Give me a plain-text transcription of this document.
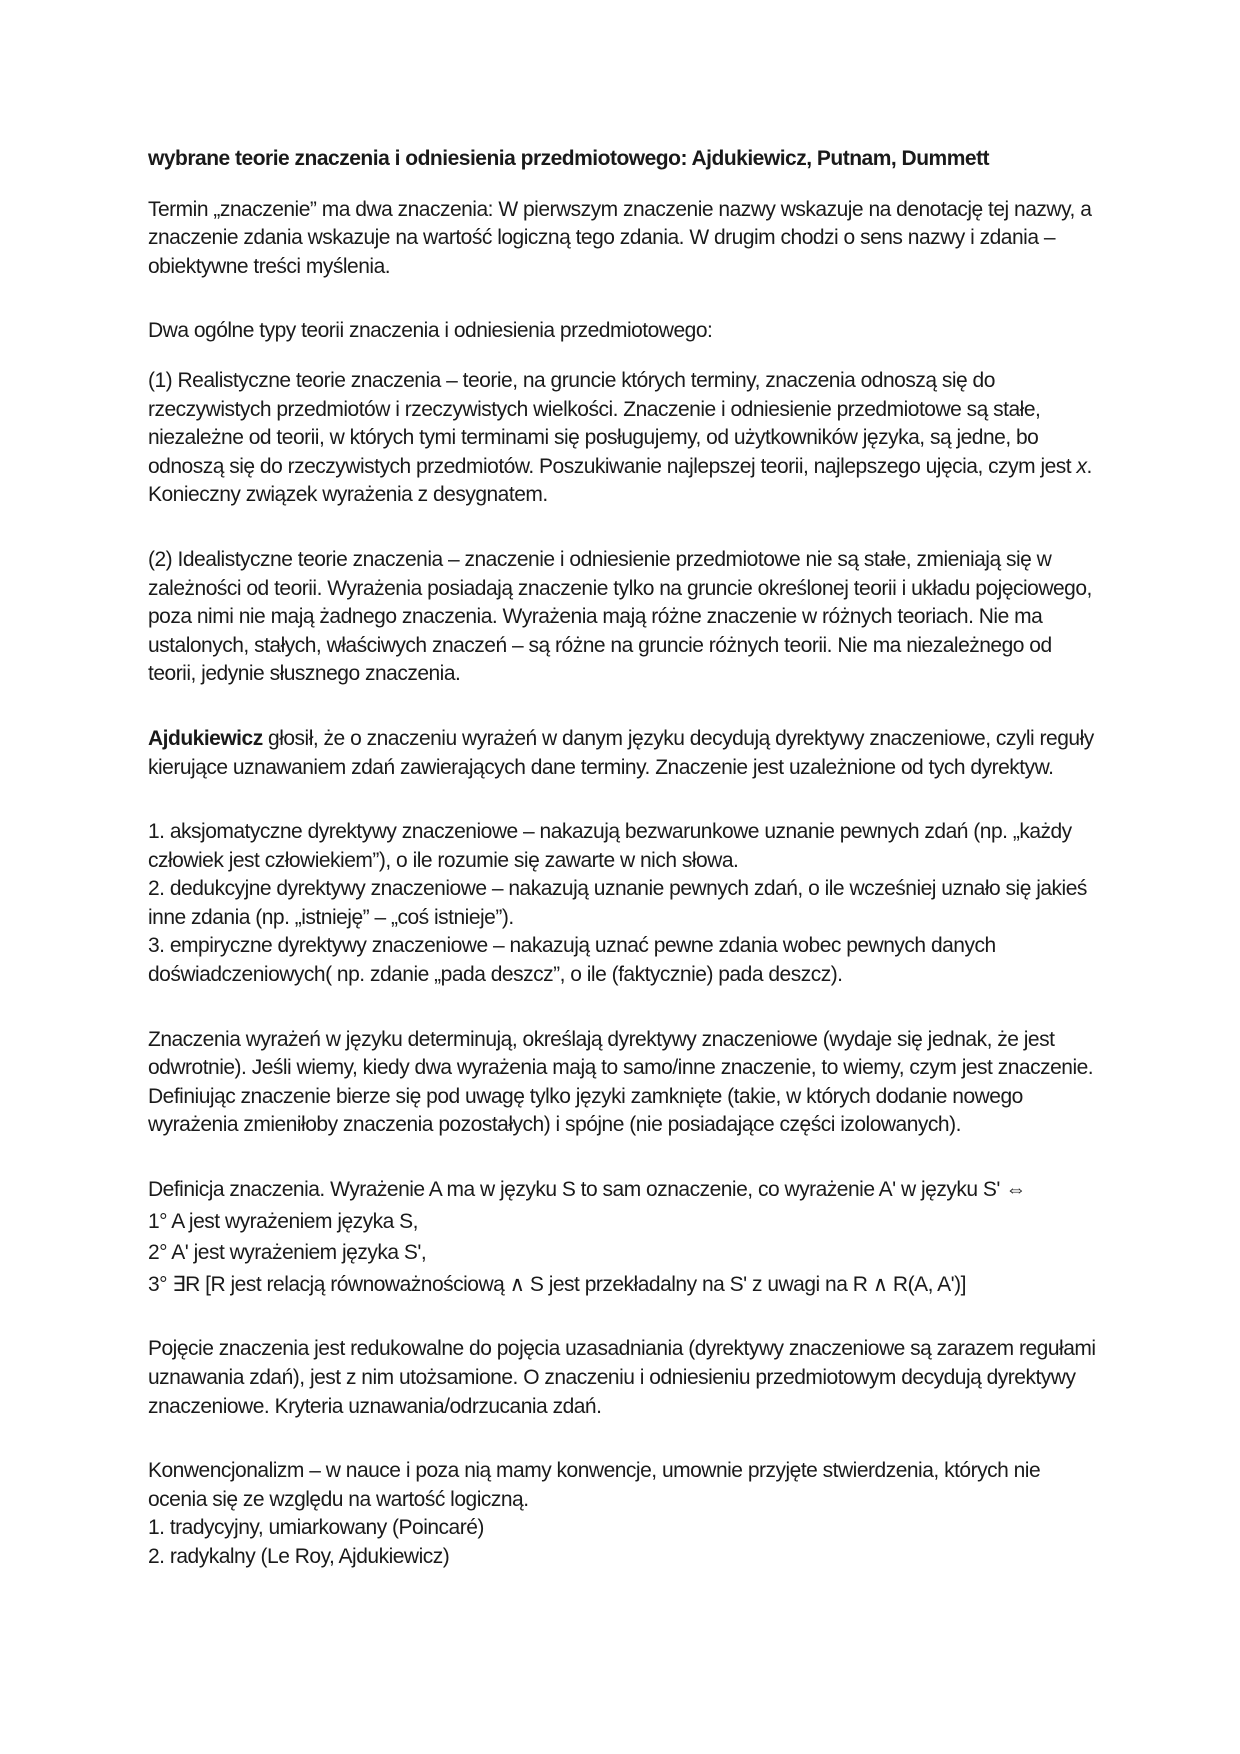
wybrane teorie znaczenia i odniesienia przedmiotowego: Ajdukiewicz, Putnam, Dummett

Termin „znaczenie” ma dwa znaczenia: W pierwszym znaczenie nazwy wskazuje na denotację tej nazwy, a znaczenie zdania wskazuje na wartość logiczną tego zdania. W drugim chodzi o sens nazwy i zdania – obiektywne treści myślenia.

Dwa ogólne typy teorii znaczenia i odniesienia przedmiotowego:

(1) Realistyczne teorie znaczenia – teorie, na gruncie których terminy, znaczenia odnoszą się do rzeczywistych przedmiotów i rzeczywistych wielkości. Znaczenie i odniesienie przedmiotowe są stałe, niezależne od teorii, w których tymi terminami się posługujemy, od użytkowników języka, są jedne, bo odnoszą się do rzeczywistych przedmiotów. Poszukiwanie najlepszej teorii, najlepszego ujęcia, czym jest x. Konieczny związek wyrażenia z desygnatem.

(2) Idealistyczne teorie znaczenia – znaczenie i odniesienie przedmiotowe nie są stałe, zmieniają się w zależności od teorii. Wyrażenia posiadają znaczenie tylko na gruncie określonej teorii i układu pojęciowego, poza nimi nie mają żadnego znaczenia. Wyrażenia mają różne znaczenie w różnych teoriach. Nie ma ustalonych, stałych, właściwych znaczeń – są różne na gruncie różnych teorii. Nie ma niezależnego od teorii, jedynie słusznego znaczenia.

Ajdukiewicz głosił, że o znaczeniu wyrażeń w danym języku decydują dyrektywy znaczeniowe, czyli reguły kierujące uznawaniem zdań zawierających dane terminy. Znaczenie jest uzależnione od tych dyrektyw.

1. aksjomatyczne dyrektywy znaczeniowe – nakazują bezwarunkowe uznanie pewnych zdań (np. „każdy człowiek jest człowiekiem”), o ile rozumie się zawarte w nich słowa.
2. dedukcyjne dyrektywy znaczeniowe – nakazują uznanie pewnych zdań, o ile wcześniej uznało się jakieś inne zdania (np. „istnieję” – „coś istnieje”).
3. empiryczne dyrektywy znaczeniowe – nakazują uznać pewne zdania wobec pewnych danych doświadczeniowych( np. zdanie „pada deszcz”, o ile (faktycznie) pada deszcz).

Znaczenia wyrażeń w języku determinują, określają dyrektywy znaczeniowe (wydaje się jednak, że jest odwrotnie). Jeśli wiemy, kiedy dwa wyrażenia mają to samo/inne znaczenie, to wiemy, czym jest znaczenie. Definiując znaczenie bierze się pod uwagę tylko języki zamknięte (takie, w których dodanie nowego wyrażenia zmieniłoby znaczenia pozostałych) i spójne (nie posiadające części izolowanych).

Definicja znaczenia. Wyrażenie A ma w języku S to sam oznaczenie, co wyrażenie A' w języku S' ⇔
1° A jest wyrażeniem języka S,
2° A' jest wyrażeniem języka S',
3° ∃R [R jest relacją równoważnościową ∧ S jest przekładalny na S' z uwagi na R ∧ R(A, A')]

Pojęcie znaczenia jest redukowalne do pojęcia uzasadniania (dyrektywy znaczeniowe są zarazem regułami uznawania zdań), jest z nim utożsamione. O znaczeniu i odniesieniu przedmiotowym decydują dyrektywy znaczeniowe. Kryteria uznawania/odrzucania zdań.

Konwencjonalizm – w nauce i poza nią mamy konwencje, umownie przyjęte stwierdzenia, których nie ocenia się ze względu na wartość logiczną.
1. tradycyjny, umiarkowany (Poincaré)
2. radykalny (Le Roy, Ajdukiewicz)
